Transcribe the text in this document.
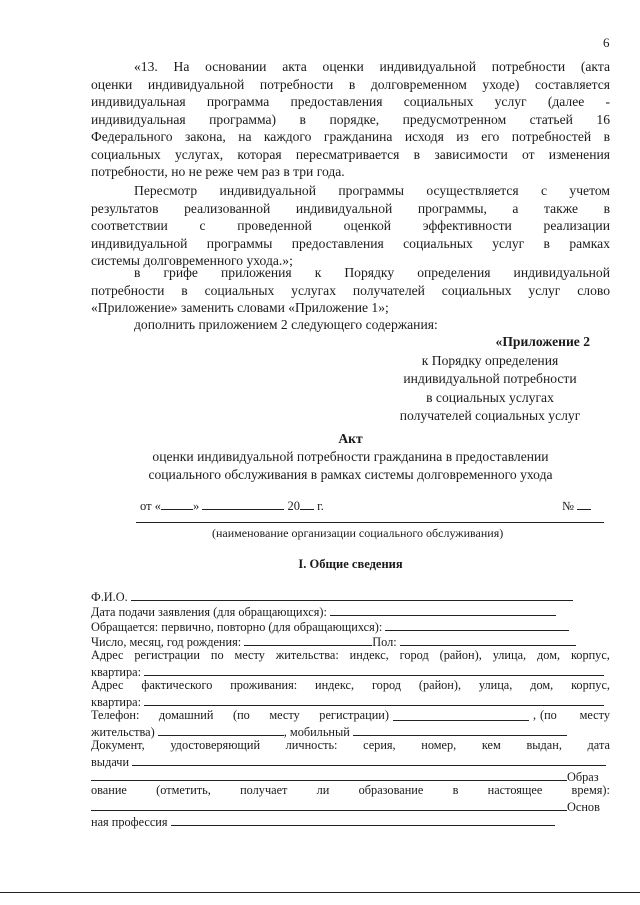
6
«13. На основании акта оценки индивидуальной потребности (акта
оценки индивидуальной потребности в долговременном уходе) составляется
индивидуальная программа предоставления социальных услуг (далее -
индивидуальная программа) в порядке, предусмотренном статьей 16
Федерального закона, на каждого гражданина исходя из его потребностей в
социальных услугах, которая пересматривается в зависимости от изменения
потребности, но не реже чем раз в три года.
Пересмотр индивидуальной программы осуществляется с учетом
результатов реализованной индивидуальной программы, а также в
соответствии с проведенной оценкой эффективности реализации
индивидуальной программы предоставления социальных услуг в рамках
системы долговременного ухода.»;
в грифе приложения к Порядку определения индивидуальной
потребности в социальных услугах получателей социальных услуг слово
«Приложение» заменить словами «Приложение 1»;
дополнить приложением 2 следующего содержания:
«Приложение 2
к Порядку определения
индивидуальной потребности
в социальных услугах
получателей социальных услуг
Акт
оценки индивидуальной потребности гражданина в предоставлении
социального обслуживания в рамках системы долговременного ухода
от «	»	20 г.	№
(наименование организации социального обслуживания)
I. Общие сведения
Ф.И.О.
Дата подачи заявления (для обращающихся):
Обращается: первично, повторно (для обращающихся):
Число, месяц, год рождения:	Пол:
Адрес регистрации по месту жительства: индекс, город (район), улица, дом, корпус,
квартира:
Адрес фактического проживания: индекс, город (район), улица, дом, корпус,
квартира:
Телефон: домашний (по месту регистрации)	, (по месту
жительства)	, мобильный
Документ, удостоверяющий личность: серия, номер, кем выдан, дата
выдачи
Образ
ование (отметить, получает ли образование в настоящее время):
Основ
ная профессия
